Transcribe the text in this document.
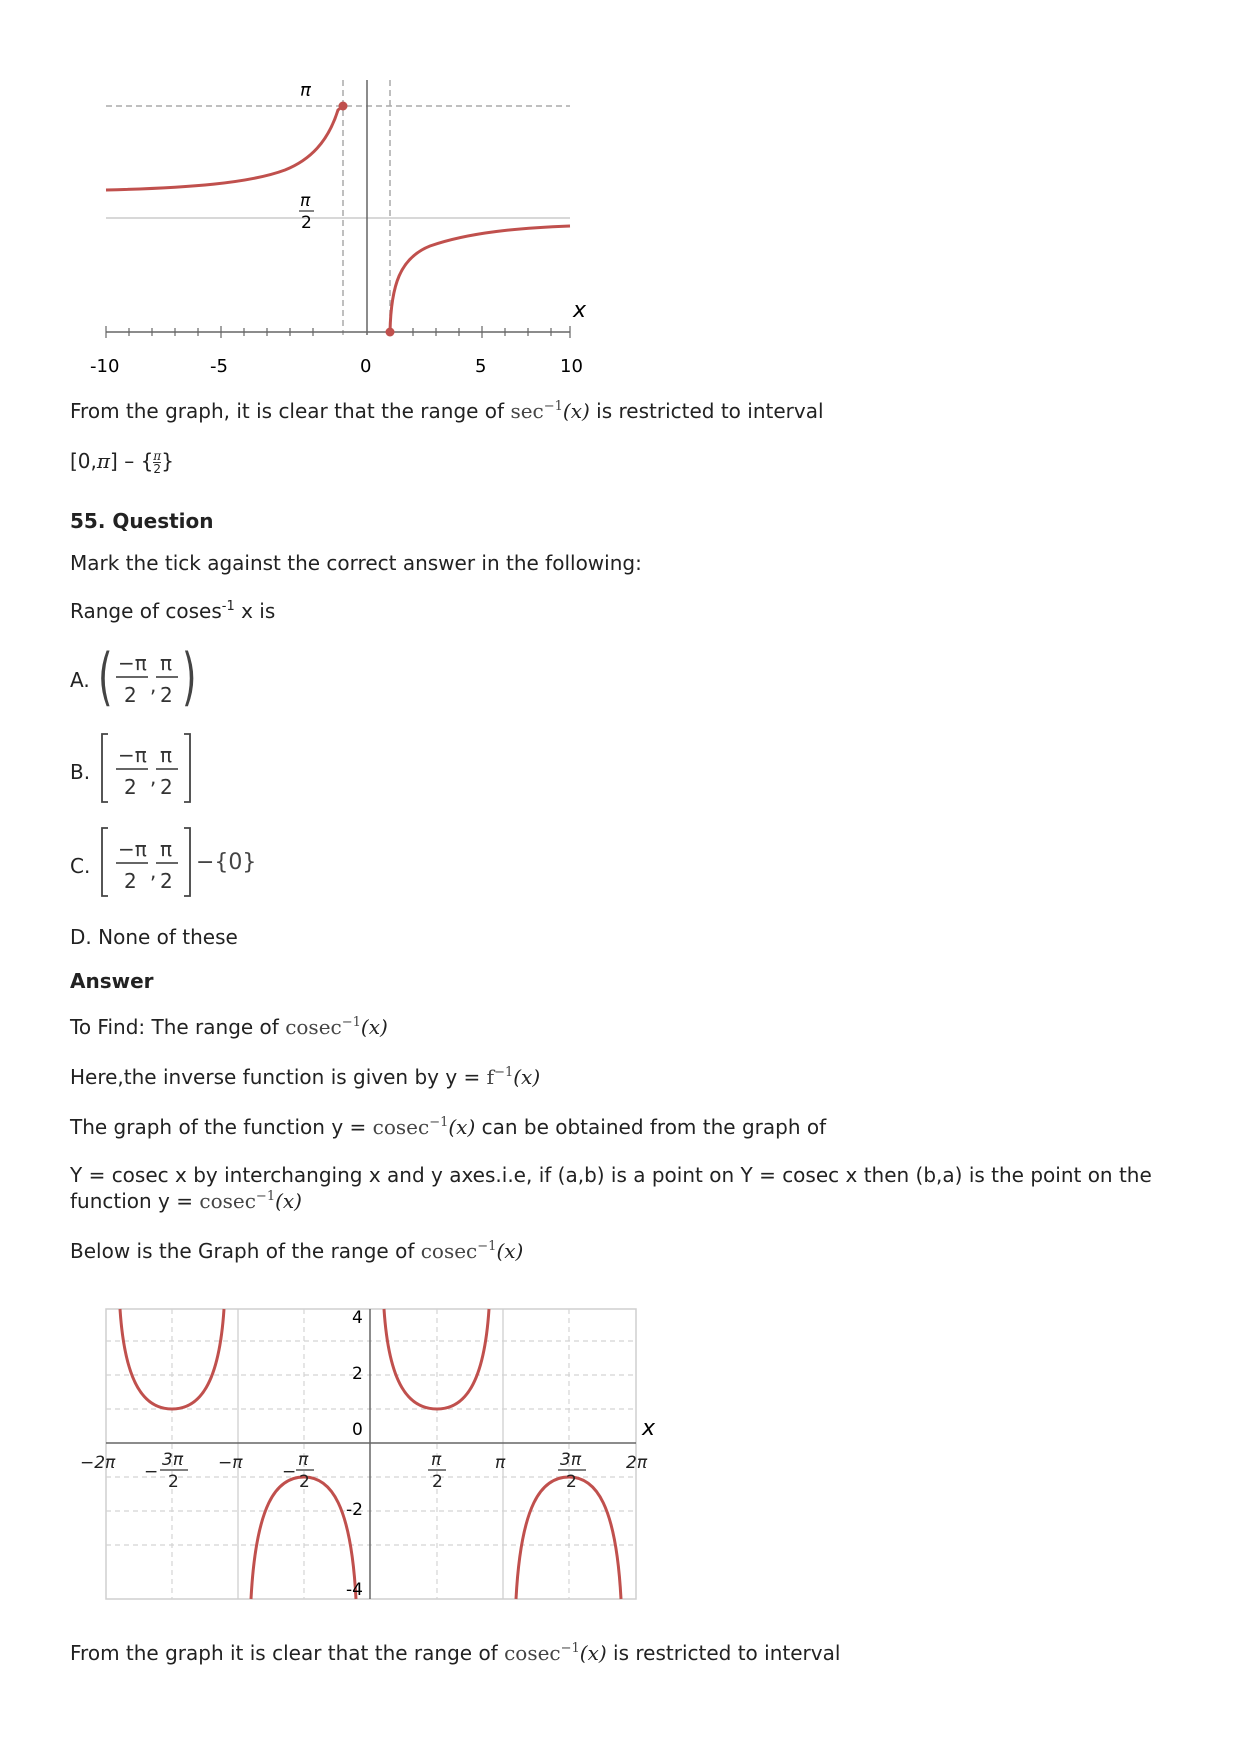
π
π
2
x
-10	-5	0	5	10
From the graph, it is clear that the range of $\sec^{-1}(x)$ is restricted to interval
[0,π] – { $\frac{\pi}{2}$}
55. Question
Mark the tick against the correct answer in the following:
Range of coses$^{-1}$ x is
A. ( −π
2 ,
π
2 )
B.
−π
2 ,
π
2
C.
−π
2 ,
π
2
−{0}
D. None of these
Answer
To Find: The range of cosec$^{-1}$(x)
Here,the inverse function is given by $y = f^{-1}(x)$
The graph of the function y = cosec$^{-1}$(x) can be obtained from the graph of
Y = cosec x by interchanging x and y axes.i.e, if (a,b) is a point on Y = cosec x then (b,a) is the point on the
function y = cosec$^{-1}$(x)
Below is the Graph of the range of cosec$^{-1}$(x)
4
2
0
-2
-4
x
−2π −
3π
2
−π −
π
2
π
2
π	3π
2
2π
From the graph it is clear that the range of cosec$^{-1}$(x) is restricted to interval
